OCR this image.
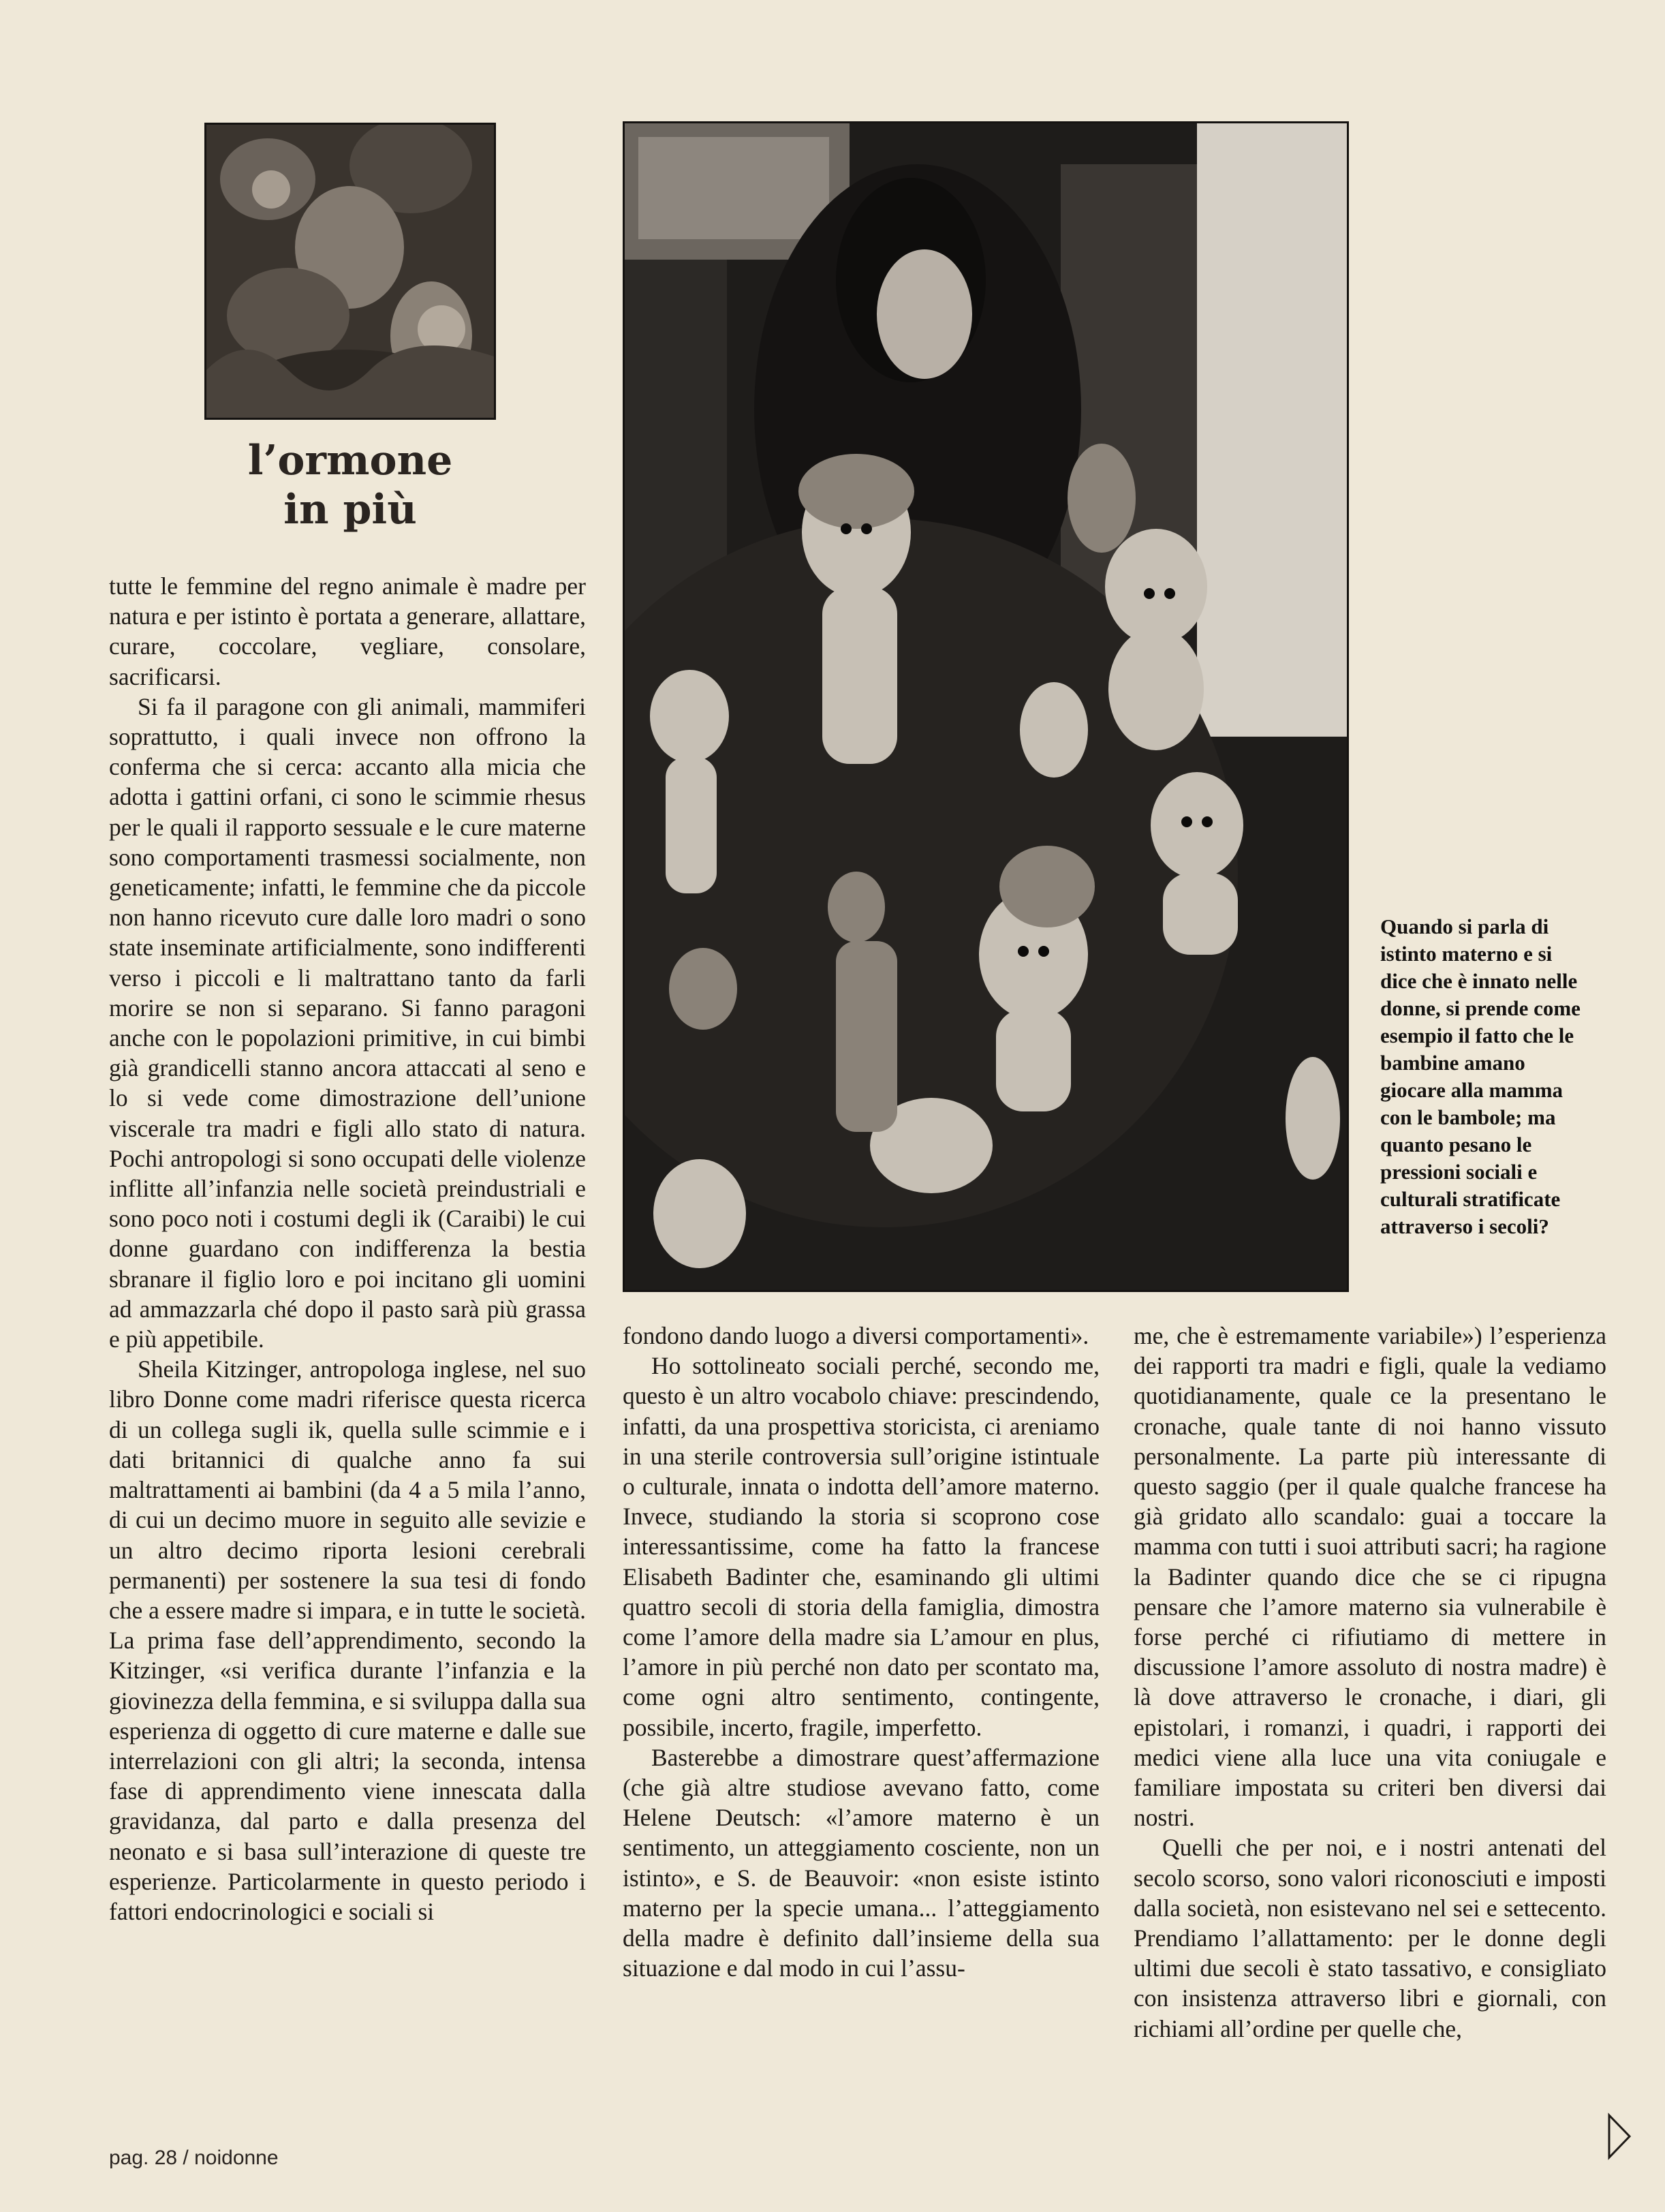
l’ormone
in più
Quando si parla di istinto materno e si dice che è innato nelle donne, si prende come esempio il fatto che le bambine amano giocare alla mamma con le bambole; ma quanto pesano le pressioni sociali e culturali stratificate attraverso i secoli?

tutte le femmine del regno animale è madre per natura e per istinto è portata a generare, allattare, curare, coccolare, vegliare, consolare, sacrificarsi.

Si fa il paragone con gli animali, mammiferi soprattutto, i quali invece non offrono la conferma che si cerca: accanto alla micia che adotta i gattini orfani, ci sono le scimmie rhesus per le quali il rapporto sessuale e le cure materne sono comportamenti trasmessi socialmente, non geneticamente; infatti, le femmine che da piccole non hanno ricevuto cure dalle loro madri o sono state inseminate artificialmente, sono indifferenti verso i piccoli e li maltrattano tanto da farli morire se non si separano. Si fanno paragoni anche con le popolazioni primitive, in cui bimbi già grandicelli stanno ancora attaccati al seno e lo si vede come dimostrazione dell’unione viscerale tra madri e figli allo stato di natura. Pochi antropologi si sono occupati delle violenze inflitte all’infanzia nelle società preindustriali e sono poco noti i costumi degli ik (Caraibi) le cui donne guardano con indifferenza la bestia sbranare il figlio loro e poi incitano gli uomini ad ammazzarla ché dopo il pasto sarà più grassa e più appetibile.

Sheila Kitzinger, antropologa inglese, nel suo libro Donne come madri riferisce questa ricerca di un collega sugli ik, quella sulle scimmie e i dati britannici di qualche anno fa sui maltrattamenti ai bambini (da 4 a 5 mila l’anno, di cui un decimo muore in seguito alle sevizie e un altro decimo riporta lesioni cerebrali permanenti) per sostenere la sua tesi di fondo che a essere madre si impara, e in tutte le società. La prima fase dell’apprendimento, secondo la Kitzinger, «si verifica durante l’infanzia e la giovinezza della femmina, e si sviluppa dalla sua esperienza di oggetto di cure materne e dalle sue interrelazioni con gli altri; la seconda, intensa fase di apprendimento viene innescata dalla gravidanza, dal parto e dalla presenza del neonato e si basa sull’interazione di queste tre esperienze. Particolarmente in questo periodo i fattori endocrinologici e sociali si

fondono dando luogo a diversi comportamenti».

Ho sottolineato sociali perché, secondo me, questo è un altro vocabolo chiave: prescindendo, infatti, da una prospettiva storicista, ci areniamo in una sterile controversia sull’origine istintuale o culturale, innata o indotta dell’amore materno. Invece, studiando la storia si scoprono cose interessantissime, come ha fatto la francese Elisabeth Badinter che, esaminando gli ultimi quattro secoli di storia della famiglia, dimostra come l’amore della madre sia L’amour en plus, l’amore in più perché non dato per scontato ma, come ogni altro sentimento, contingente, possibile, incerto, fragile, imperfetto.

Basterebbe a dimostrare quest’affermazione (che già altre studiose avevano fatto, come Helene Deutsch: «l’amore materno è un sentimento, un atteggiamento cosciente, non un istinto», e S. de Beauvoir: «non esiste istinto materno per la specie umana... l’atteggiamento della madre è definito dall’insieme della sua situazione e dal modo in cui l’assu-

me, che è estremamente variabile») l’esperienza dei rapporti tra madri e figli, quale la vediamo quotidianamente, quale ce la presentano le cronache, quale tante di noi hanno vissuto personalmente. La parte più interessante di questo saggio (per il quale qualche francese ha già gridato allo scandalo: guai a toccare la mamma con tutti i suoi attributi sacri; ha ragione la Badinter quando dice che se ci ripugna pensare che l’amore materno sia vulnerabile è forse perché ci rifiutiamo di mettere in discussione l’amore assoluto di nostra madre) è là dove attraverso le cronache, i diari, gli epistolari, i romanzi, i quadri, i rapporti dei medici viene alla luce una vita coniugale e familiare impostata su criteri ben diversi dai nostri.

Quelli che per noi, e i nostri antenati del secolo scorso, sono valori riconosciuti e imposti dalla società, non esistevano nel sei e settecento. Prendiamo l’allattamento: per le donne degli ultimi due secoli è stato tassativo, e consigliato con insistenza attraverso libri e giornali, con richiami all’ordine per quelle che,

pag. 28 / noidonne
